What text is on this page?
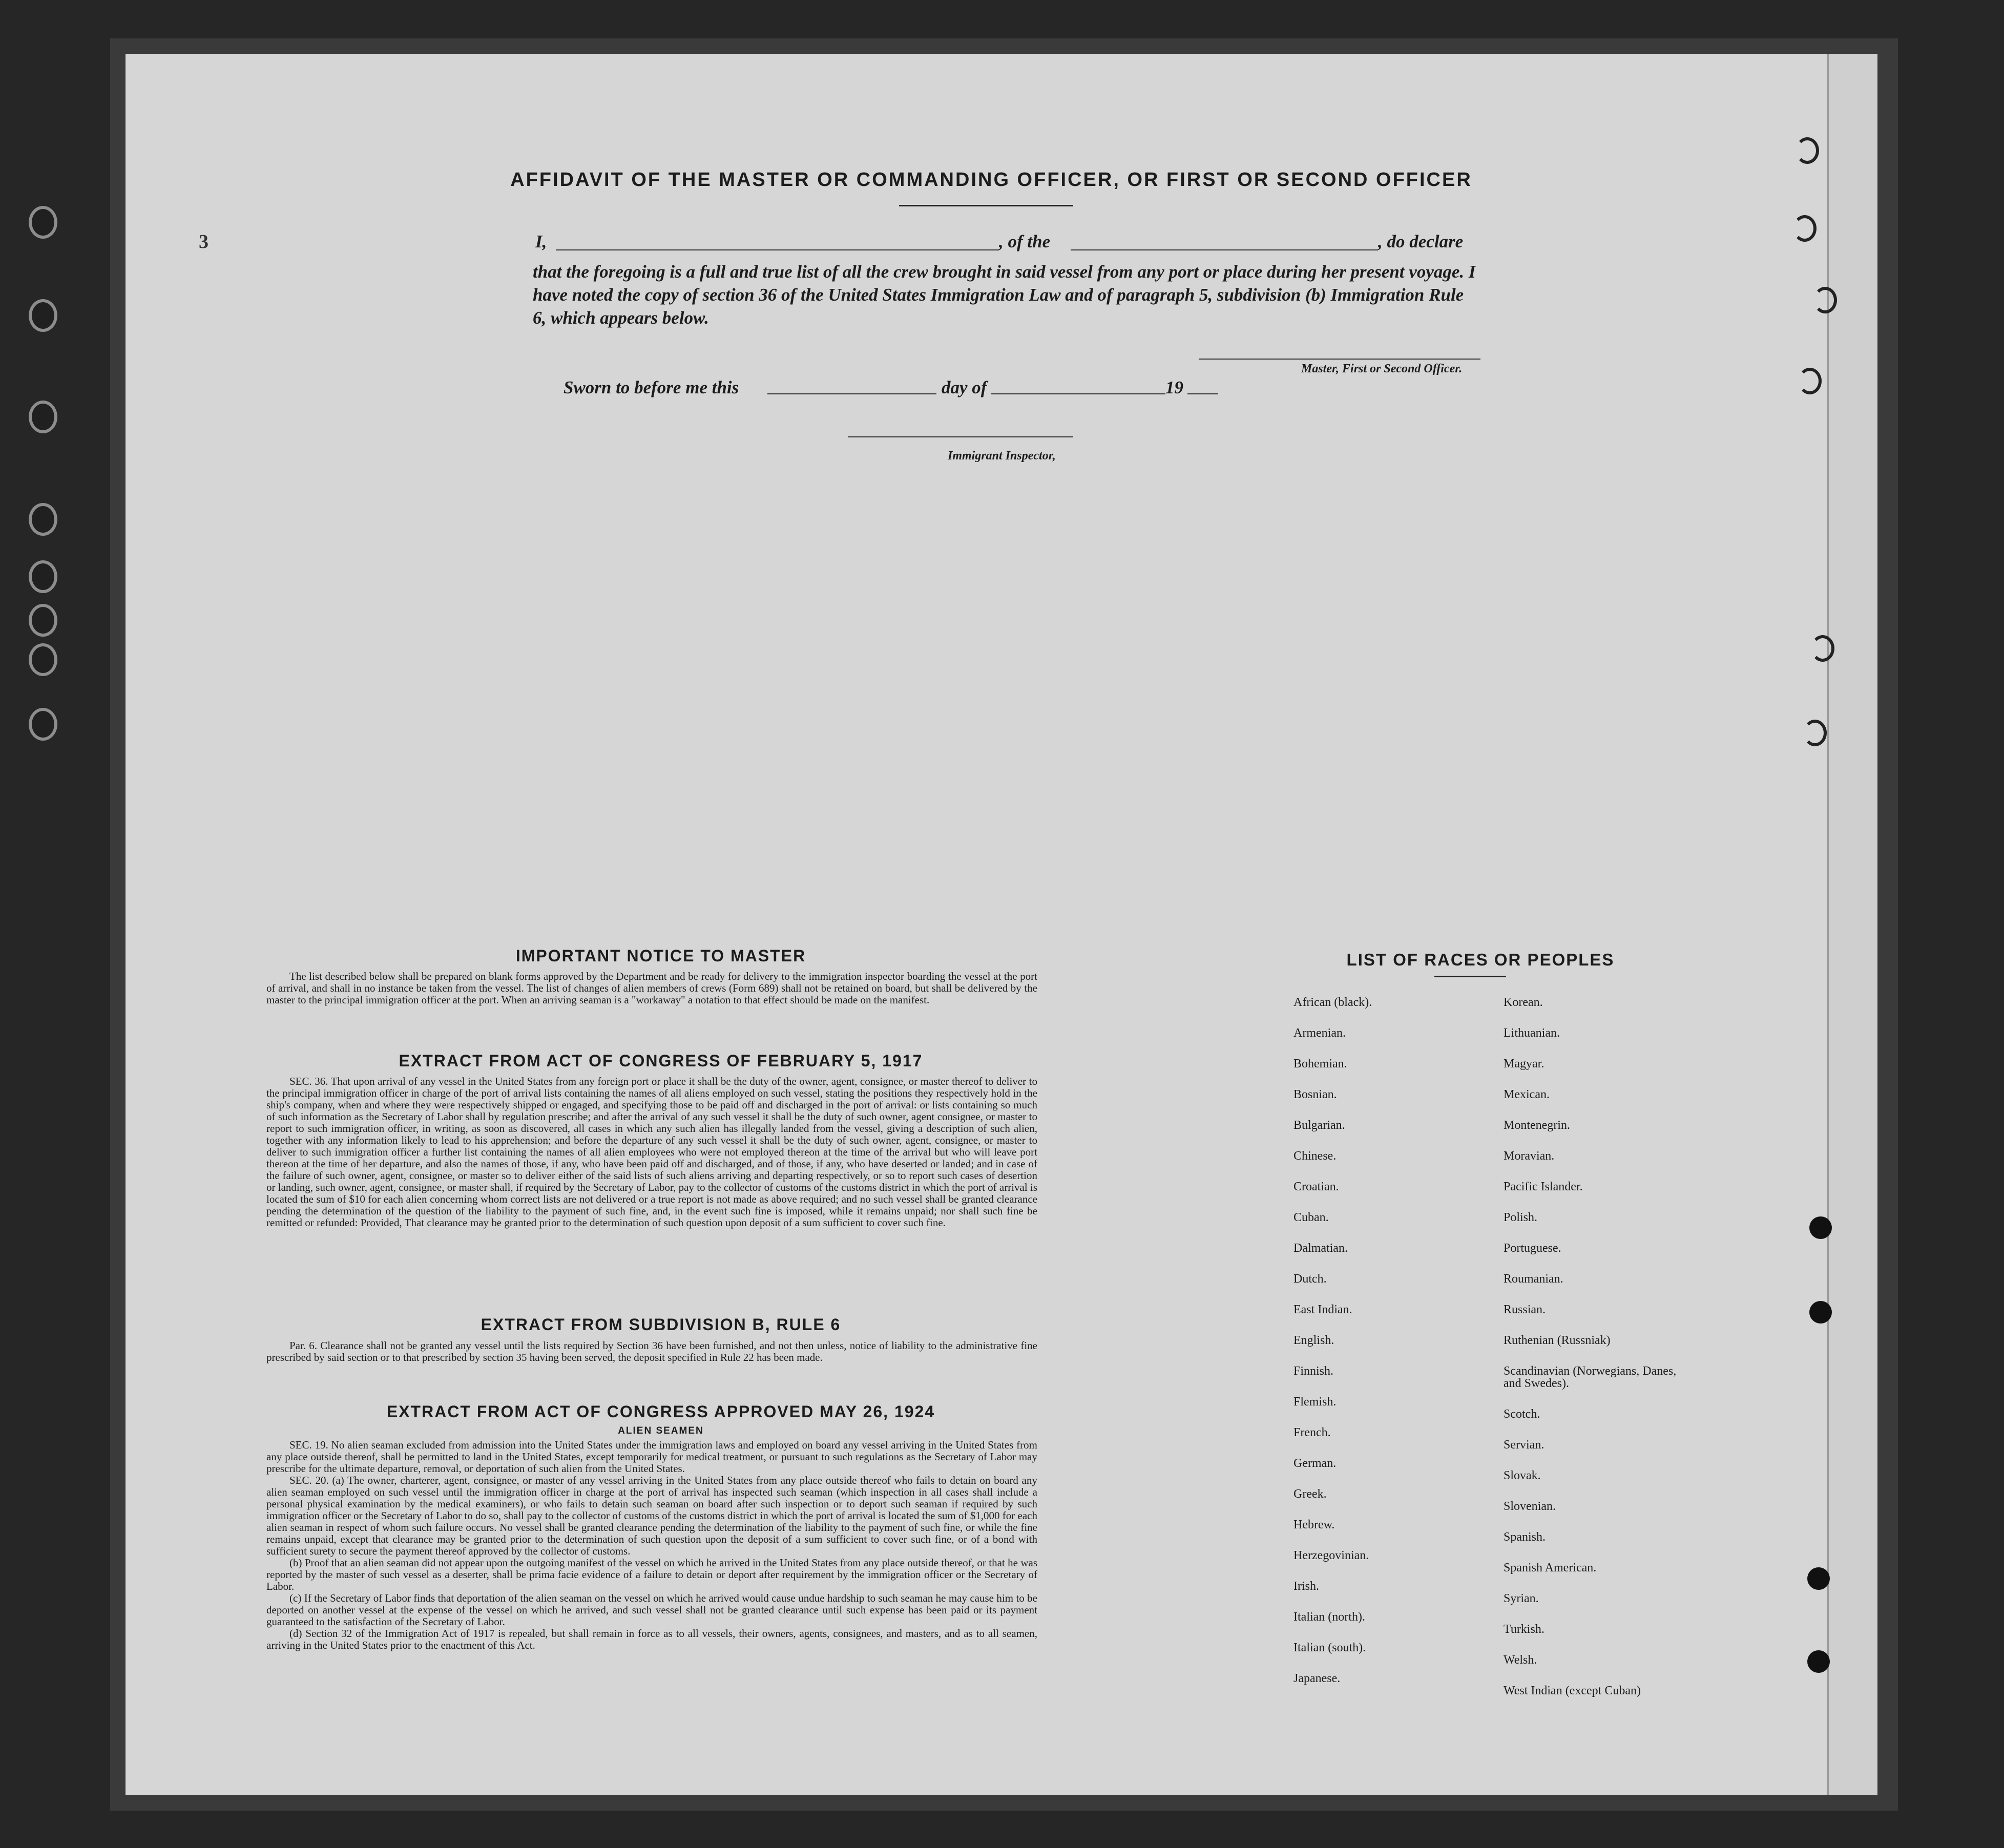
3
AFFIDAVIT OF THE MASTER OR COMMANDING OFFICER, OR FIRST OR SECOND OFFICER
I,	, of the	, do declare
that the foregoing is a full and true list of all the crew brought in said vessel from any port or place during her present voyage. I have noted the copy of section 36 of the United States Immigration Law and of paragraph 5, subdivision (b) Immigration Rule 6, which appears below.
Master, First or Second Officer.
Sworn to before me this	day of	19
Immigrant Inspector,
IMPORTANT NOTICE TO MASTER

The list described below shall be prepared on blank forms approved by the Department and be ready for delivery to the immigration inspector boarding the vessel at the port of arrival, and shall in no instance be taken from the vessel. The list of changes of alien members of crews (Form 689) shall not be retained on board, but shall be delivered by the master to the principal immigration officer at the port. When an arriving seaman is a "workaway" a notation to that effect should be made on the manifest.

EXTRACT FROM ACT OF CONGRESS OF FEBRUARY 5, 1917

SEC. 36. That upon arrival of any vessel in the United States from any foreign port or place it shall be the duty of the owner, agent, consignee, or master thereof to deliver to the principal immigration officer in charge of the port of arrival lists containing the names of all aliens employed on such vessel, stating the positions they respectively hold in the ship's company, when and where they were respectively shipped or engaged, and specifying those to be paid off and discharged in the port of arrival: or lists containing so much of such information as the Secretary of Labor shall by regulation prescribe; and after the arrival of any such vessel it shall be the duty of such owner, agent consignee, or master to report to such immigration officer, in writing, as soon as discovered, all cases in which any such alien has illegally landed from the vessel, giving a description of such alien, together with any information likely to lead to his apprehension; and before the departure of any such vessel it shall be the duty of such owner, agent, consignee, or master to deliver to such immigration officer a further list containing the names of all alien employees who were not employed thereon at the time of the arrival but who will leave port thereon at the time of her departure, and also the names of those, if any, who have been paid off and discharged, and of those, if any, who have deserted or landed; and in case of the failure of such owner, agent, consignee, or master so to deliver either of the said lists of such aliens arriving and departing respectively, or so to report such cases of desertion or landing, such owner, agent, consignee, or master shall, if required by the Secretary of Labor, pay to the collector of customs of the customs district in which the port of arrival is located the sum of $10 for each alien concerning whom correct lists are not delivered or a true report is not made as above required; and no such vessel shall be granted clearance pending the determination of the question of the liability to the payment of such fine, and, in the event such fine is imposed, while it remains unpaid; nor shall such fine be remitted or refunded: Provided, That clearance may be granted prior to the determination of such question upon deposit of a sum sufficient to cover such fine.

EXTRACT FROM SUBDIVISION B, RULE 6

Par. 6. Clearance shall not be granted any vessel until the lists required by Section 36 have been furnished, and not then unless, notice of liability to the administrative fine prescribed by said section or to that prescribed by section 35 having been served, the deposit specified in Rule 22 has been made.

EXTRACT FROM ACT OF CONGRESS APPROVED MAY 26, 1924
ALIEN SEAMEN

SEC. 19. No alien seaman excluded from admission into the United States under the immigration laws and employed on board any vessel arriving in the United States from any place outside thereof, shall be permitted to land in the United States, except temporarily for medical treatment, or pursuant to such regulations as the Secretary of Labor may prescribe for the ultimate departure, removal, or deportation of such alien from the United States.

SEC. 20. (a) The owner, charterer, agent, consignee, or master of any vessel arriving in the United States from any place outside thereof who fails to detain on board any alien seaman employed on such vessel until the immigration officer in charge at the port of arrival has inspected such seaman (which inspection in all cases shall include a personal physical examination by the medical examiners), or who fails to detain such seaman on board after such inspection or to deport such seaman if required by such immigration officer or the Secretary of Labor to do so, shall pay to the collector of customs of the customs district in which the port of arrival is located the sum of $1,000 for each alien seaman in respect of whom such failure occurs. No vessel shall be granted clearance pending the determination of the liability to the payment of such fine, or while the fine remains unpaid, except that clearance may be granted prior to the determination of such question upon the deposit of a sum sufficient to cover such fine, or of a bond with sufficient surety to secure the payment thereof approved by the collector of customs.

(b) Proof that an alien seaman did not appear upon the outgoing manifest of the vessel on which he arrived in the United States from any place outside thereof, or that he was reported by the master of such vessel as a deserter, shall be prima facie evidence of a failure to detain or deport after requirement by the immigration officer or the Secretary of Labor.

(c) If the Secretary of Labor finds that deportation of the alien seaman on the vessel on which he arrived would cause undue hardship to such seaman he may cause him to be deported on another vessel at the expense of the vessel on which he arrived, and such vessel shall not be granted clearance until such expense has been paid or its payment guaranteed to the satisfaction of the Secretary of Labor.

(d) Section 32 of the Immigration Act of 1917 is repealed, but shall remain in force as to all vessels, their owners, agents, consignees, and masters, and as to all seamen, arriving in the United States prior to the enactment of this Act.

LIST OF RACES OR PEOPLES
African (black).
Armenian.
Bohemian.
Bosnian.
Bulgarian.
Chinese.
Croatian.
Cuban.
Dalmatian.
Dutch.
East Indian.
English.
Finnish.
Flemish.
French.
German.
Greek.
Hebrew.
Herzegovinian.
Irish.
Italian (north).
Italian (south).
Japanese.
Korean.
Lithuanian.
Magyar.
Mexican.
Montenegrin.
Moravian.
Pacific Islander.
Polish.
Portuguese.
Roumanian.
Russian.
Ruthenian (Russniak)
Scandinavian (Norwegians, Danes, and Swedes).
Scotch.
Servian.
Slovak.
Slovenian.
Spanish.
Spanish American.
Syrian.
Turkish.
Welsh.
West Indian (except Cuban)
